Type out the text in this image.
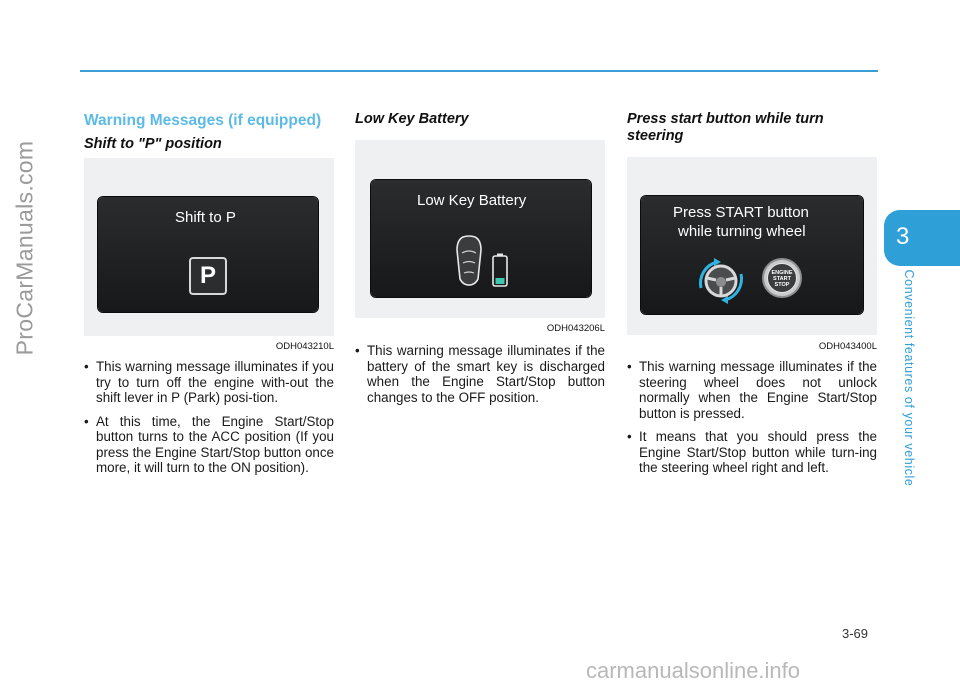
ProCarManuals.com	3
Convenient features of your vehicle
Warning Messages (if equipped)
Shift to "P" position
Shift to P
P
ODH043210L
• This warning message illuminates if you try to turn off the engine with-out the shift lever in P (Park) posi-tion.
• At this time, the Engine Start/Stop button turns to the ACC position (If you press the Engine Start/Stop button once more, it will turn to the ON position).
Low Key Battery
Low Key Battery
ODH043206L
• This warning message illuminates if the battery of the smart key is discharged when the Engine Start/Stop button changes to the OFF position.
Press start button while turn steering
Press START button
while turning wheel
ENGINE
START
STOP
ODH043400L
• This warning message illuminates if the steering wheel does not unlock normally when the Engine Start/Stop button is pressed.
• It means that you should press the Engine Start/Stop button while turn-ing the steering wheel right and left.
3-69
carmanualsonline.info
